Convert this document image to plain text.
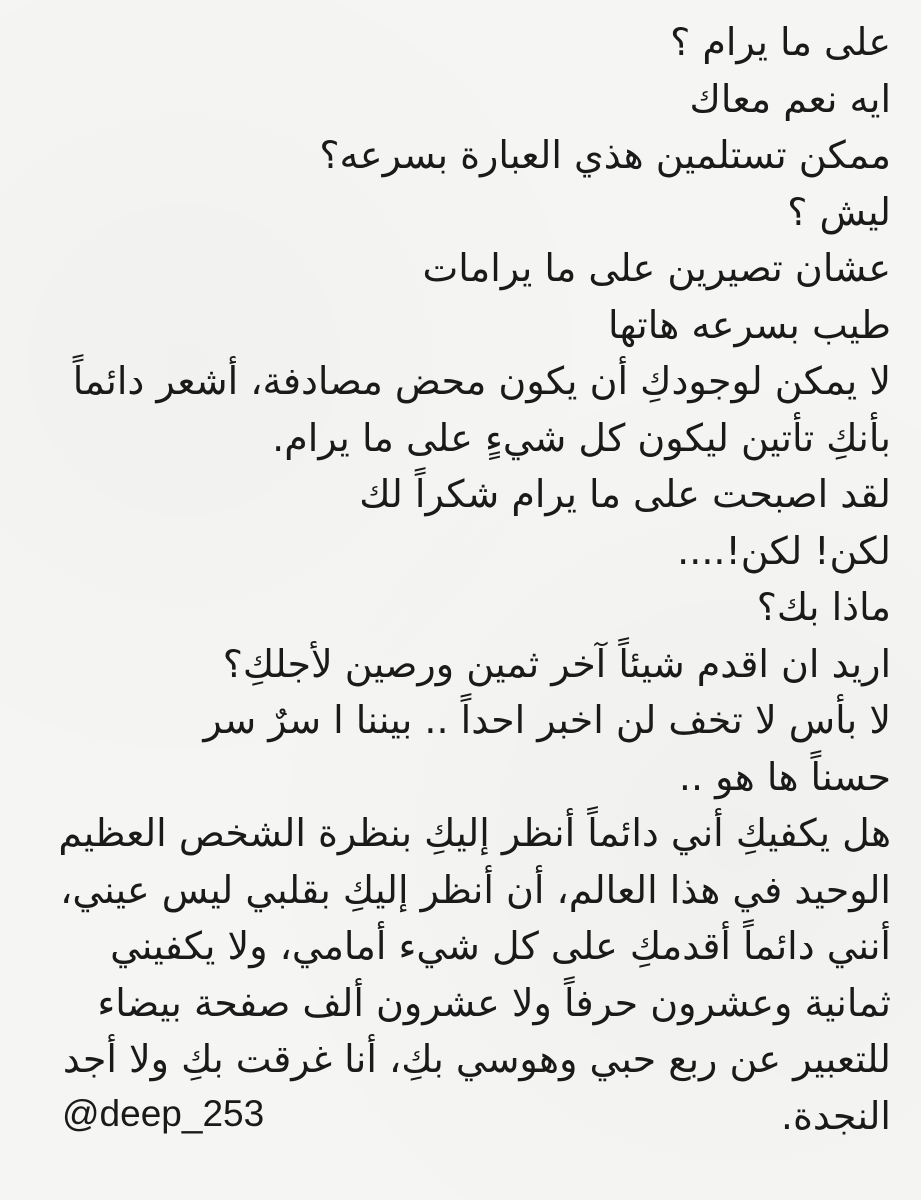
على ما يرام ؟
ايه نعم معاك
ممكن تستلمين هذي العبارة بسرعه؟
ليش ؟
عشان تصيرين على ما يرامات
طيب بسرعه هاتها
لا يمكن لوجودكِ أن يكون محض مصادفة، أشعر دائماً
بأنكِ تأتين ليكون كل شيءٍ على ما يرام.
لقد اصبحت على ما يرام شكراً لك
لكن! لكن!....
ماذا بك؟
اريد ان اقدم شيئاً آخر ثمين ورصين لأجلكِ؟
لا بأس لا تخف لن اخبر احداً .. بيننا ا سرٌ سر
حسناً ها هو ..
هل يكفيكِ أني دائماً أنظر إليكِ بنظرة الشخص العظيم
الوحيد في هذا العالم، أن أنظر إليكِ بقلبي ليس عيني،
أنني دائماً أقدمكِ على كل شيء أمامي، ولا يكفيني
ثمانية وعشرون حرفاً ولا عشرون ألف صفحة بيضاء
للتعبير عن ربع حبي وهوسي بكِ، أنا غرقت بكِ ولا أجد
النجدة.
@deep_253
